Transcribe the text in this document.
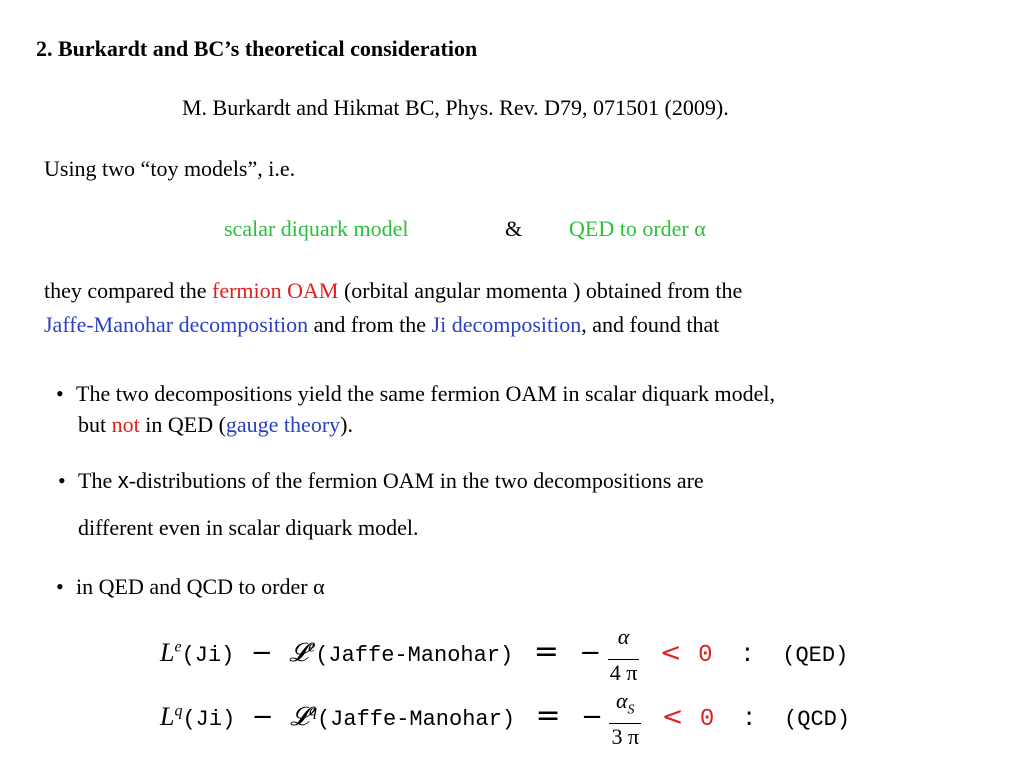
2. Burkardt and BC’s theoretical consideration
M. Burkardt and Hikmat BC, Phys. Rev. D79, 071501 (2009).
Using two “toy models”, i.e.
scalar diquark model	& QED to order α
they compared the fermion OAM (orbital angular momenta ) obtained from the
Jaffe-Manohar decomposition and from the Ji decomposition, and found that
• The two decompositions yield the same fermion OAM in scalar diquark model,
but not in QED (gauge theory).
• The x-distributions of the fermion OAM in the two decompositions are
different even in scalar diquark model.
• in QED and QCD to order α
$L^e(Ji)$ − 𝓛$^e$(Jaffe-Manohar) = − $\frac{\alpha}{4 \pi} < 0$ : (QED)
$L^q(Ji)$ − 𝓛$^q$(Jaffe-Manohar) = − $\frac{\alpha_S}{3 \pi} < 0$ : (QCD)
